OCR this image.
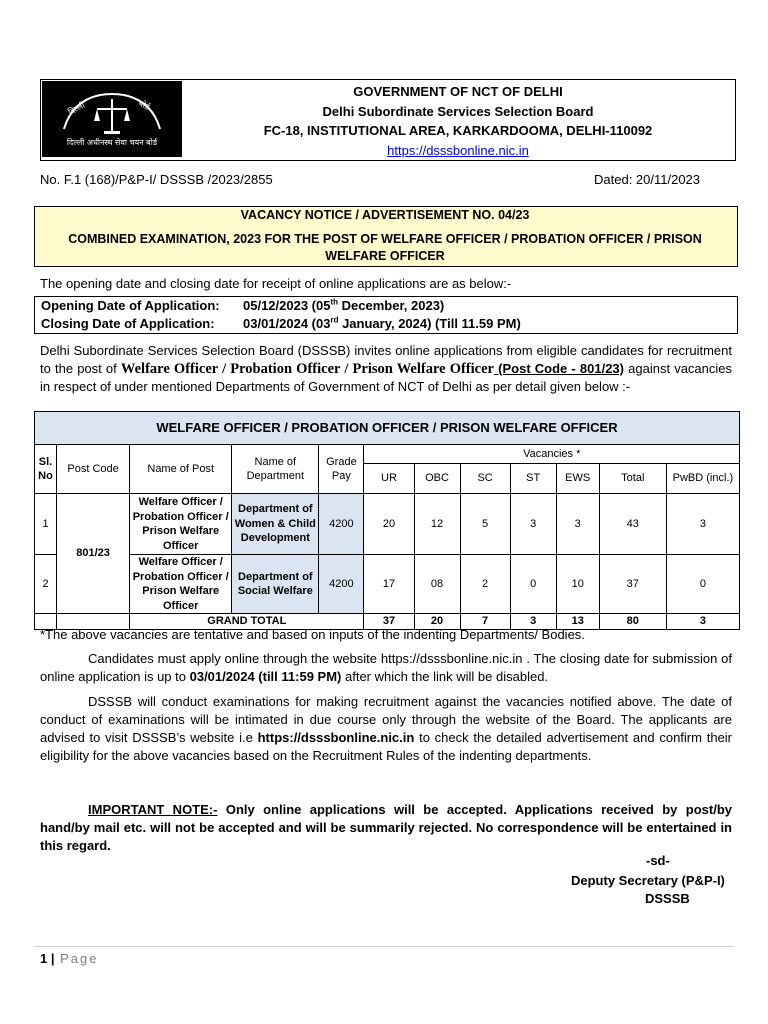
दिल्ली	बोर्ड
दिल्ली अधीनस्थ सेवा चयन बोर्ड
GOVERNMENT OF NCT OF DELHI
Delhi Subordinate Services Selection Board
FC-18, INSTITUTIONAL AREA, KARKARDOOMA, DELHI-110092
https://dsssbonline.nic.in
No. F.1 (168)/P&P-I/ DSSSB /2023/2855	Dated: 20/11/2023
VACANCY NOTICE / ADVERTISEMENT NO. 04/23
COMBINED EXAMINATION, 2023 FOR THE POST OF WELFARE OFFICER / PROBATION OFFICER / PRISON WELFARE OFFICER
The opening date and closing date for receipt of online applications are as below:-
Opening Date of Application: 05/12/2023 (05th December, 2023)
Closing Date of Application: 03/01/2024 (03rd January, 2024) (Till 11.59 PM)
Delhi Subordinate Services Selection Board (DSSSB) invites online applications from eligible candidates for recruitment to the post of Welfare Officer / Probation Officer / Prison Welfare Officer (Post Code - 801/23) against vacancies in respect of under mentioned Departments of Government of NCT of Delhi as per detail given below :-
WELFARE OFFICER / PROBATION OFFICER / PRISON WELFARE OFFICER											
Sl. No	Post Code	Name of Post	Name of Department	Grade Pay	Vacancies *						
					UR	OBC	SC	ST	EWS	Total	PwBD (incl.)
1	801/23	Welfare Officer / Probation Officer / Prison Welfare Officer	Department of Women & Child Development	4200	20	12	5	3	3	43	3
2		Welfare Officer / Probation Officer / Prison Welfare Officer	Department of Social Welfare	4200	17	08	2	0	10	37	0
		GRAND TOTAL			37	20	7	3	13	80	3
*The above vacancies are tentative and based on inputs of the indenting Departments/ Bodies.
Candidates must apply online through the website https://dsssbonline.nic.in . The closing date for submission of online application is up to 03/01/2024 (till 11:59 PM) after which the link will be disabled.
DSSSB will conduct examinations for making recruitment against the vacancies notified above. The date of conduct of examinations will be intimated in due course only through the website of the Board. The applicants are advised to visit DSSSB’s website i.e https://dsssbonline.nic.in to check the detailed advertisement and confirm their eligibility for the above vacancies based on the Recruitment Rules of the indenting departments.
IMPORTANT NOTE:- Only online applications will be accepted. Applications received by post/by hand/by mail etc. will not be accepted and will be summarily rejected. No correspondence will be entertained in this regard.
-sd-
Deputy Secretary (P&P-I)
DSSSB
1 | Page
